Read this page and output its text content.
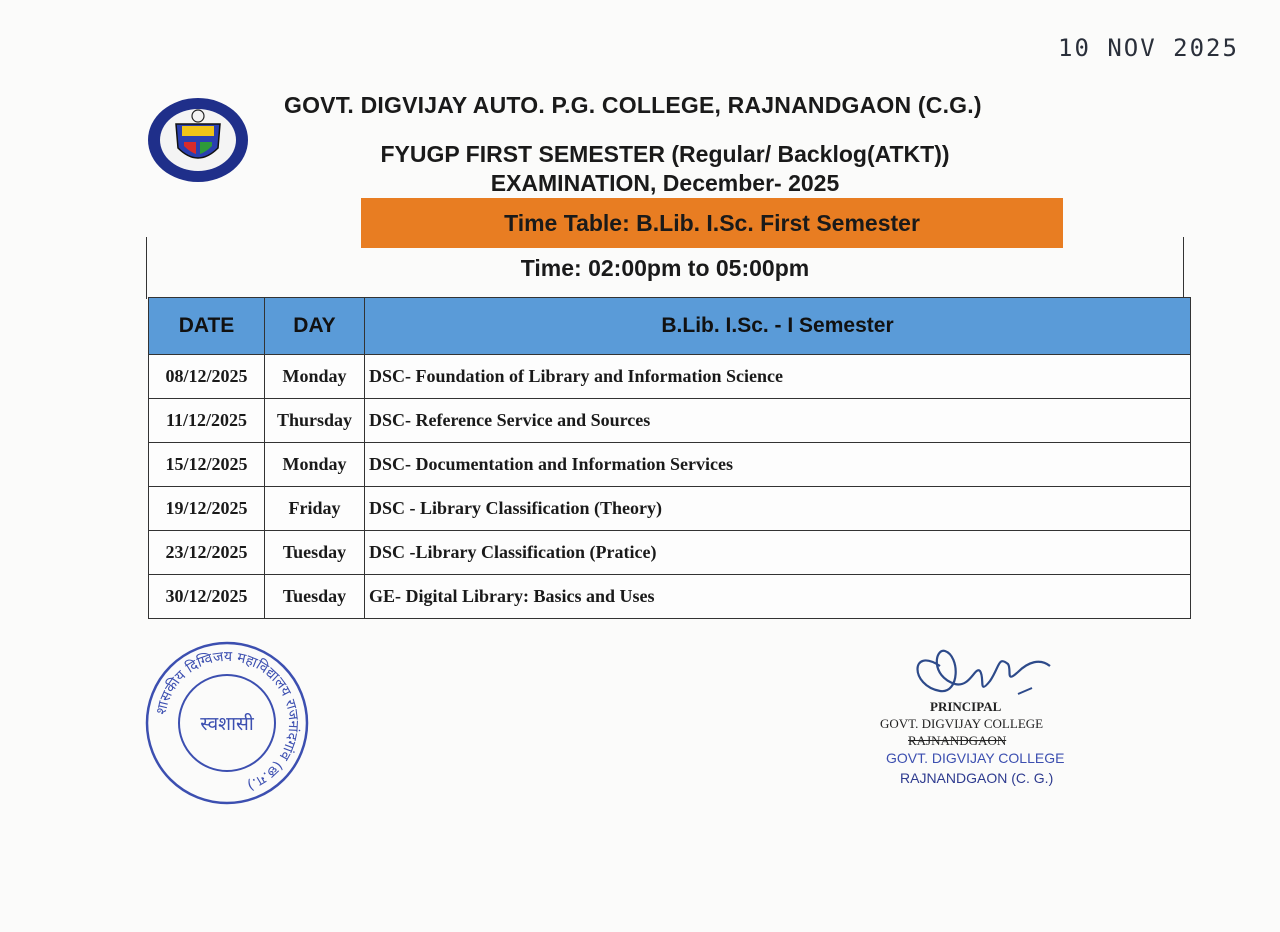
10 NOV 2025
GOVT. DIGVIJAY AUTO. P.G. COLLEGE, RAJNANDGAON (C.G.)
FYUGP FIRST SEMESTER (Regular/ Backlog(ATKT))
EXAMINATION, December- 2025
Time Table: B.Lib. I.Sc. First Semester
Time: 02:00pm to 05:00pm
DATE	DAY	B.Lib. I.Sc. - I Semester
08/12/2025	Monday	DSC- Foundation of Library and Information Science
11/12/2025	Thursday	DSC- Reference Service and Sources
15/12/2025	Monday	DSC- Documentation and Information Services
19/12/2025	Friday	DSC - Library Classification (Theory)
23/12/2025	Tuesday	DSC -Library Classification (Pratice)
30/12/2025	Tuesday	GE- Digital Library: Basics and Uses
शासकीय दिग्विजय महाविद्यालय राजनांदगांव (छ.ग.)
स्वशासी
PRINCIPAL
GOVT. DIGVIJAY COLLEGE
RAJNANDGAON
GOVT. DIGVIJAY COLLEGE
RAJNANDGAON (C. G.)
